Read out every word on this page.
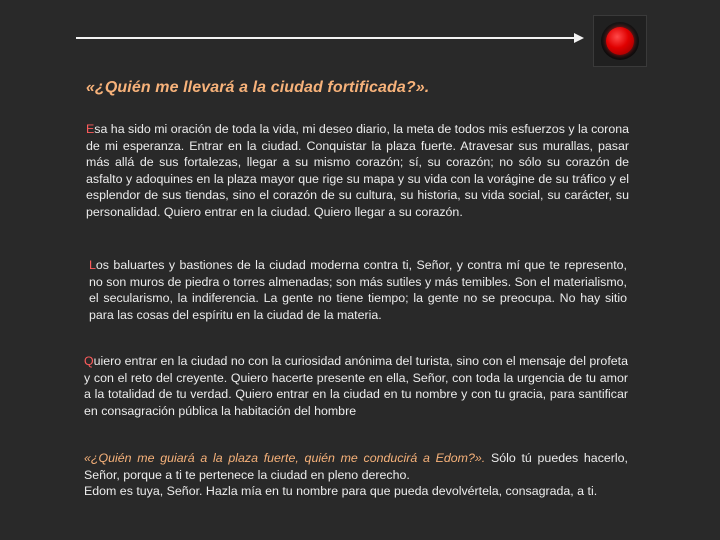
«¿Quién me llevará a la ciudad fortificada?».

Esa ha sido mi oración de toda la vida, mi deseo diario, la meta de todos mis esfuerzos y la corona de mi esperanza. Entrar en la ciudad. Conquistar la plaza fuerte. Atravesar sus murallas, pasar más allá de sus fortalezas, llegar a su mismo corazón; sí, su corazón; no sólo su corazón de asfalto y adoquines en la plaza mayor que rige su mapa y su vida con la vorágine de su tráfico y el esplendor de sus tiendas, sino el corazón de su cultura, su historia, su vida social, su carácter, su personalidad. Quiero entrar en la ciudad. Quiero llegar a su corazón.

Los baluartes y bastiones de la ciudad moderna contra ti, Señor, y contra mí que te represento, no son muros de piedra o torres almenadas; son más sutiles y más temibles. Son el materialismo, el secularismo, la indiferencia. La gente no tiene tiempo; la gente no se preocupa. No hay sitio para las cosas del espíritu en la ciudad de la materia.

Quiero entrar en la ciudad no con la curiosidad anónima del turista, sino con el mensaje del profeta y con el reto del creyente. Quiero hacerte presente en ella, Señor, con toda la urgencia de tu amor a la totalidad de tu verdad. Quiero entrar en la ciudad en tu nombre y con tu gracia, para santificar en consagración pública la habitación del hombre

«¿Quién me guiará a la plaza fuerte, quién me conducirá a Edom?». Sólo tú puedes hacerlo, Señor, porque a ti te pertenece la ciudad en pleno derecho.
Edom es tuya, Señor. Hazla mía en tu nombre para que pueda devolvértela, consagrada, a ti.
